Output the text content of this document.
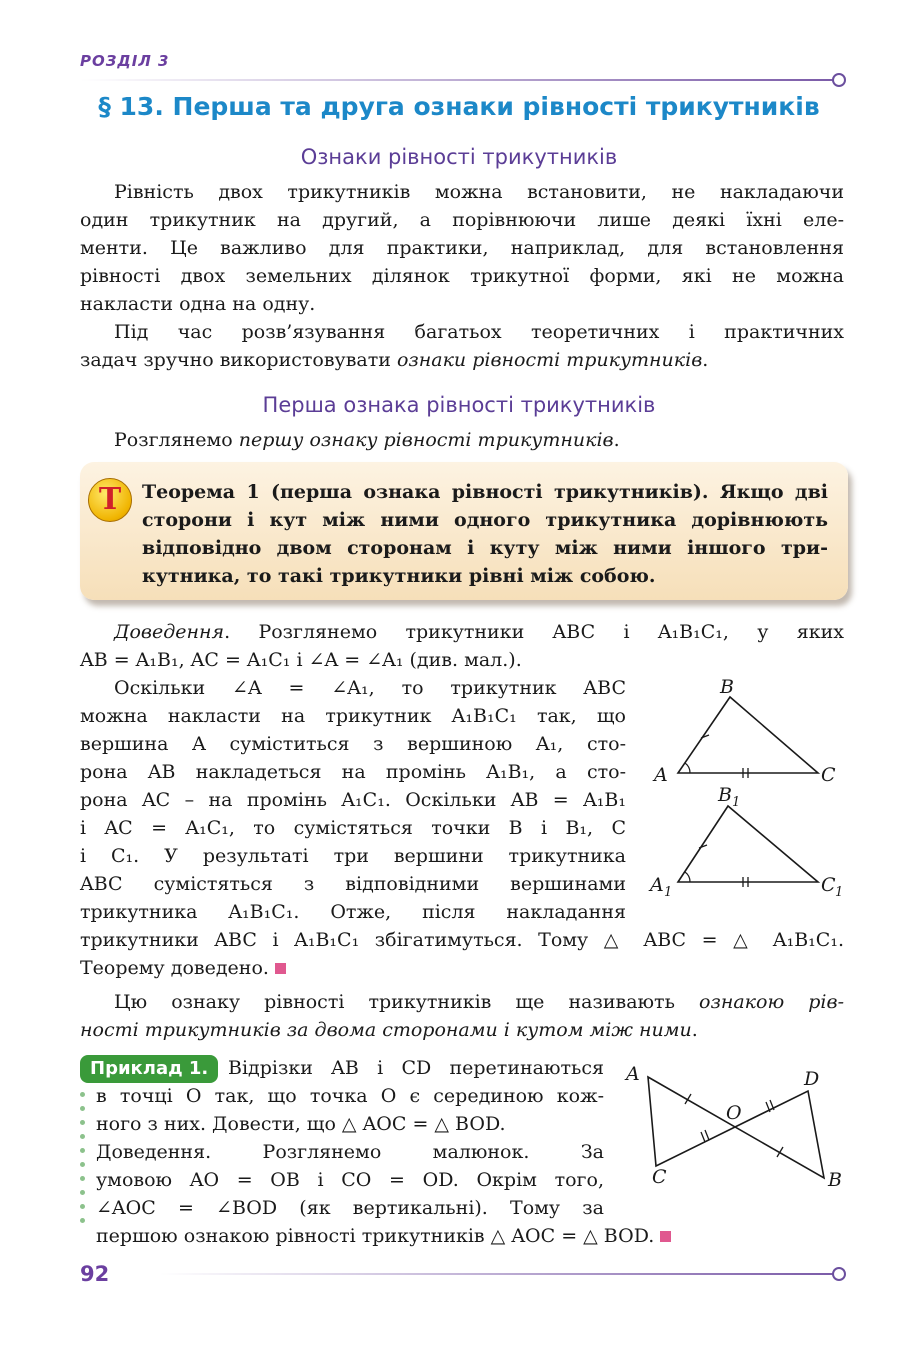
РОЗДІЛ 3
§ 13. Перша та друга ознаки рівності трикутників
Ознаки рівності трикутників
Рівність двох трикутників можна встановити, не накладаючи
один трикутник на другий, а порівнюючи лише деякі їхні еле-
менти. Це важливо для практики, наприклад, для встановлення
рівності двох земельних ділянок трикутної форми, які не можна
накласти одна на одну.
Під час розв’язування багатьох теоретичних і практичних
задач зручно використовувати ознаки рівності трикутників.
Перша ознака рівності трикутників
Розглянемо першу ознаку рівності трикутників.
Т	Теорема 1 (перша ознака рівності трикутників). Якщо дві
сторони і кут між ними одного трикутника дорівнюють
відповідно двом сторонам і куту між ними іншого три-
кутника, то такі трикутники рівні між собою.
Доведення. Розглянемо трикутники ABC і A₁B₁C₁, у яких
AB = A₁B₁, AC = A₁C₁ і ∠A = ∠A₁ (див. мал.).
Оскільки ∠A = ∠A₁, то трикутник ABC
можна накласти на трикутник A₁B₁C₁ так, що
вершина A суміститься з вершиною A₁, сто-
рона AB накладеться на промінь A₁B₁, а сто-
рона AC – на промінь A₁C₁. Оскільки AB = A₁B₁
і AC = A₁C₁, то сумістяться точки B і B₁, C
і C₁. У результаті три вершини трикутника
ABC сумістяться з відповідними вершинами
трикутника A₁B₁C₁. Отже, після накладання
трикутники ABC і A₁B₁C₁ збігатимуться. Тому △ ABC = △ A₁B₁C₁.
Теорему доведено.
A
B
C
A 1
B 1
C 1
Цю ознаку рівності трикутників ще називають ознакою рів-
ності трикутників за двома сторонами і кутом між ними.
Приклад 1.	Відрізки AB і CD перетинаються
в точці O так, що точка O є серединою кож-
ного з них. Довести, що △ AOC = △ BOD.
Доведення. Розглянемо малюнок. За
умовою AO = OB і CO = OD. Окрім того,
∠AOC = ∠BOD (як вертикальні). Тому за
першою ознакою рівності трикутників △ AOC = △ BOD.
A
B
C
D
O
92
